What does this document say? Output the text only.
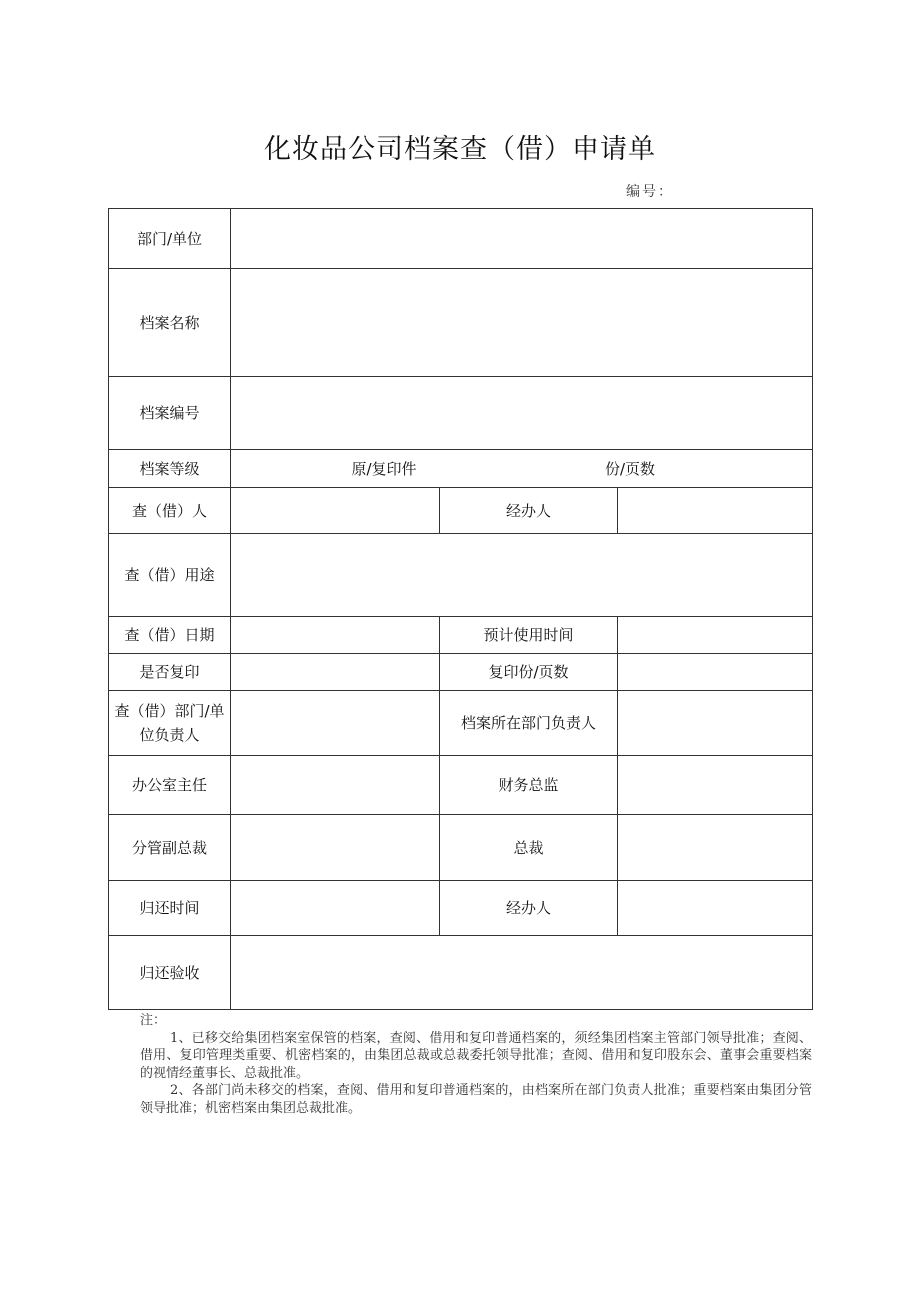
化妆品公司档案查（借）申请单
编号：
部门/单位			
档案名称			
档案编号			
档案等级	原/复印件 份/页数		

查（借）人		经办人	
查（借）用途			
查（借）日期		预计使用时间	
是否复印		复印份/页数	
查（借）部门/单位负责人		档案所在部门负责人	
办公室主任		财务总监	
分管副总裁		总裁	
归还时间		经办人	
归还验收			

注：

1、已移交给集团档案室保管的档案，查阅、借用和复印普通档案的，须经集团档案主管部门领导批准；查阅、借用、复印管理类重要、机密档案的，由集团总裁或总裁委托领导批准；查阅、借用和复印股东会、董事会重要档案的视情经董事长、总裁批准。

2、各部门尚未移交的档案，查阅、借用和复印普通档案的，由档案所在部门负责人批准；重要档案由集团分管领导批准；机密档案由集团总裁批准。
